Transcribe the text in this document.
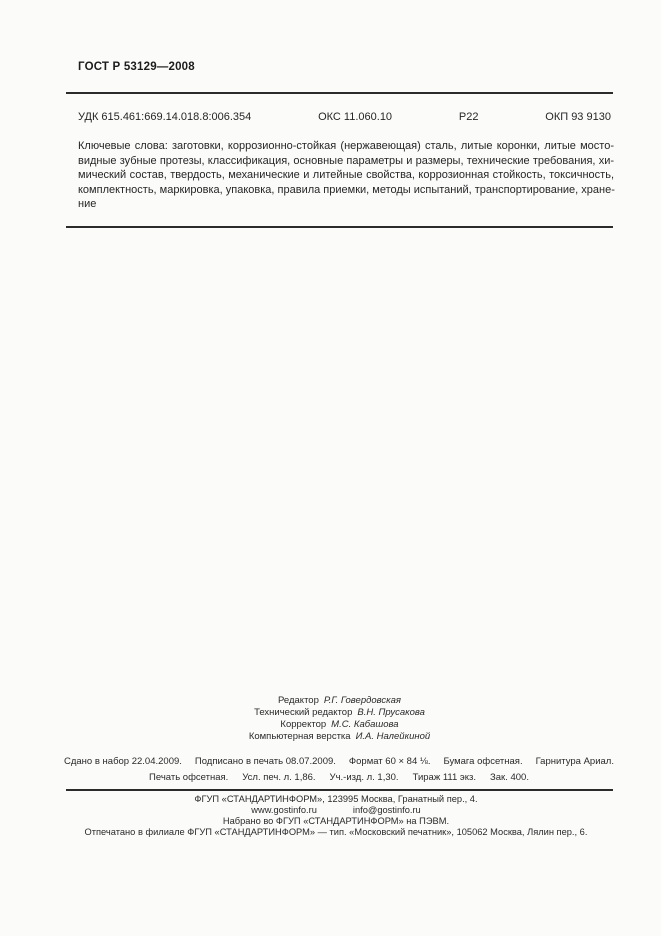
ГОСТ Р 53129—2008
УДК 615.461:669.14.018.8:006.354	ОКС 11.060.10	Р22	ОКП 93 9130
Ключевые слова: заготовки, коррозионно-стойкая (нержавеющая) сталь, литые коронки, литые мосто-
видные зубные протезы, классификация, основные параметры и размеры, технические требования, хи-
мический состав, твердость, механические и литейные свойства, коррозионная стойкость, токсичность,
комплектность, маркировка, упаковка, правила приемки, методы испытаний, транспортирование, хране-
ние
Редактор Р.Г. Говердовская
Технический редактор В.Н. Прусакова
Корректор М.С. Кабашова
Компьютерная верстка И.А. Налейкиной
Сдано в набор 22.04.2009. Подписано в печать 08.07.2009. Формат 60 × 84 ⅛. Бумага офсетная. Гарнитура Ариал.
Печать офсетная. Усл. печ. л. 1,86. Уч.-изд. л. 1,30. Тираж 111 экз. Зак. 400.
ФГУП «СТАНДАРТИНФОРМ», 123995 Москва, Гранатный пер., 4.
www.gostinfo.ru	info@gostinfo.ru
Набрано во ФГУП «СТАНДАРТИНФОРМ» на ПЭВМ.
Отпечатано в филиале ФГУП «СТАНДАРТИНФОРМ» — тип. «Московский печатник», 105062 Москва, Лялин пер., 6.
